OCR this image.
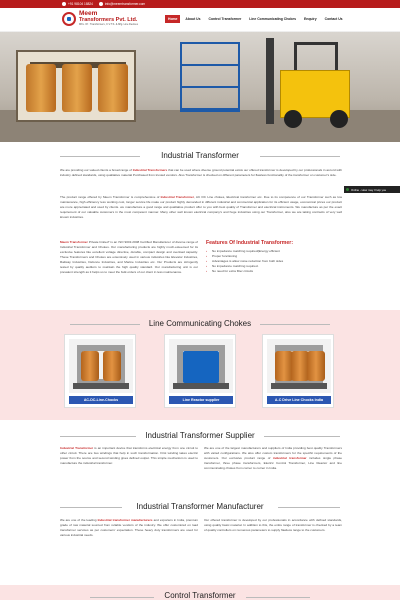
+91 98104 18824	info@meemtransformer.com
Meem
Transformers Pvt. Ltd.
Mfrs. Of : Transformers, C.V.T.S. & Mfg. Line Devices
Home	About Us	Control Transformer	Line Communicating Chokes	Enquiry	Contact Us
Industrial Transformer

We are providing our valued clients a broad range of Industrial Transformers that can be used where diverse ground potential exists our offered transformer is developed by our professionals in accord with industry defined standards, using qualitative material Purchased from trusted vendors. Also Transformer is checked on different parameters for flawless functionality of the transformer on customer's side.

The product range offered by Meem Transformer is comprehensive of Industrial Transformer, AC DC Line chokes, Electrical transformer etc. Due to its competence of our Transformer such as low maintenance, high efficiency less working cost, longer service life make our product highly demanded in different industrial and commercial application for its efficient usage, economical prices our product are more appreciated and used by clients. we manufacture a good range and qualitative product offer to you with best quality of Transformer and electrical instruments. We manufacture as per the exact requirement of our valuable customers in the most competent manner. Many other well known electrical company's and huge industries using our Transformer, also we are taking contracts of very well known industries.

Meem Transformer Private limited" is an ISO 9001:2008 Certified Manufacturer of diverse range of Industrial Transformer and Chokes. Our manufacturing products are highly much-esteemed for its exclusive features like excellent voltage directive, durable, compact design and overload capacity. These Transformers and Chokes are extensively used in various industries like Elevator Industries, Railway Industries, Defence Industries, and Marine Industries etc. Our Products are stringently tested by quality auditors to maintain the high quality standard. Our manufacturing unit is our prevalent strength as it helps us to meet the bulk orders of our client in less maintenance.

Features Of Industrial Transformer:
› No impedance matching required(Energy efficient
› Proper functioning
› Advantages is allow noise reduction from both sides
› No impedance matching required.
› No need for extra filter circuits
Online - How may I help you
Line Communicating Chokes
AC-DC-Line-Chocks	Line Reactor supplier	A-C Drive Line Chocks India
Industrial Transformer Supplier

Industrial Transformer is an important device that transforms electrical energy from one circuit to other circuit. There are two windings that help in such transformation. First winding takes electric power from the source and second winding gives defined output. This simple mechanism is used to manufacture the industrial transformer.

We are one of the largest manufacturers and suppliers of India providing best quality Transformers with varied configurations. We also offer custom transformers for the specific requirements of the customers. Our exclusive product range of industrial transformer includes single phase transformer, three phase transformers, Electric Control Transformer, Line Reactor and line communicating chokes from corner to corner in India.

Industrial Transformer Manufacturer

We are one of the leading Industrial transformer manufacturers and exporters in India, premium grade of raw material sourced from reliable vendors of the industry. We offer customized on load transformer services as per customers' expectation. These heavy duty transformers are used for various industrial needs.

Our offered transformer is developed by our professionals in accordance with defined standards, using quality basic material. In addition to this, the entire range of transformer is checked by a team of quality controllers on numerous parameters to supply flawless range to the customers.

Control Transformer
